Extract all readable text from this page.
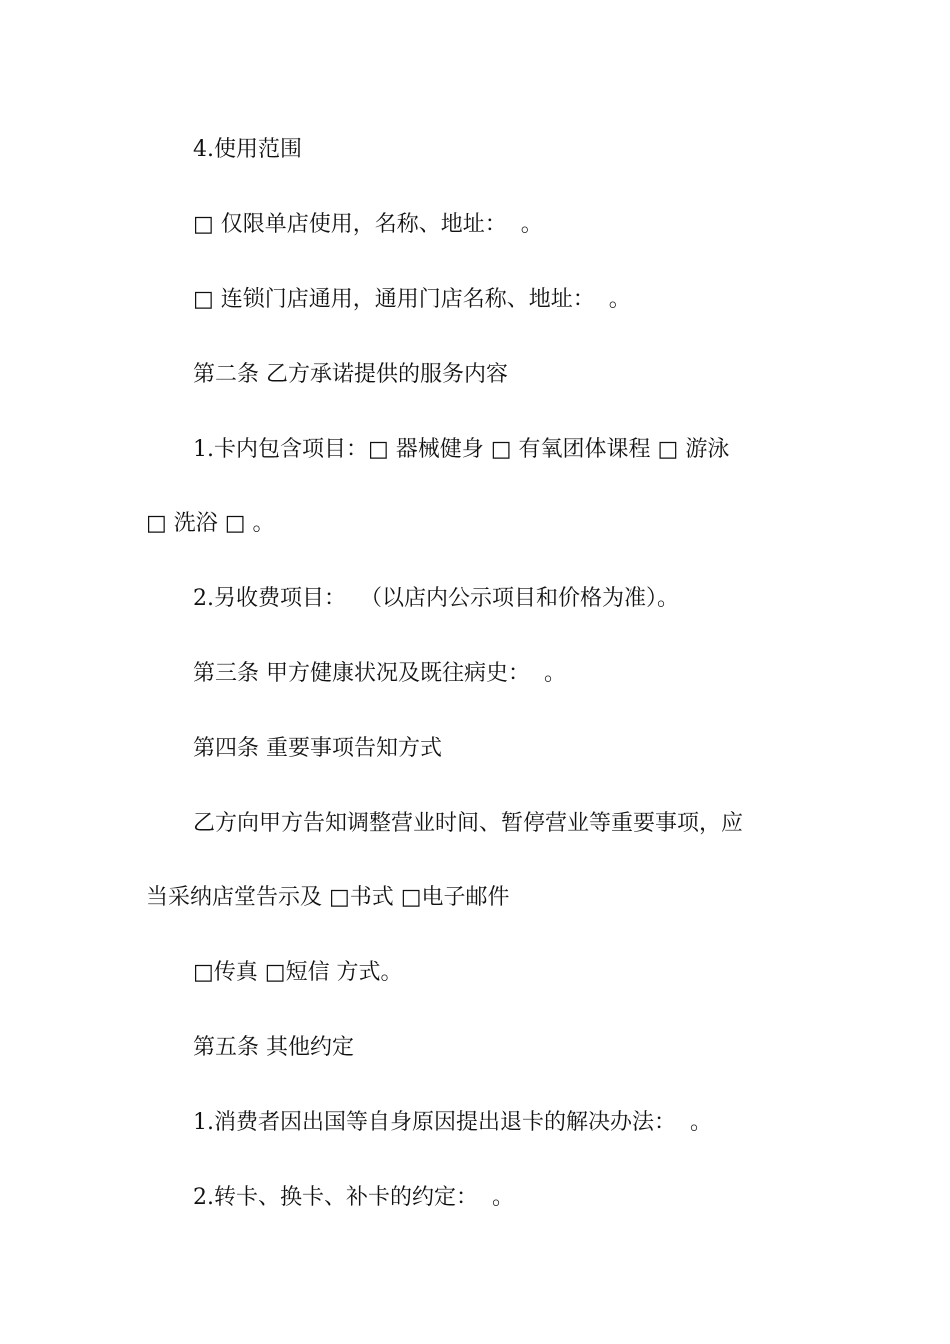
4.使用范围
□ 仅限单店使用，名称、地址：  。
□ 连锁门店通用，通用门店名称、地址：  。
第二条 乙方承诺提供的服务内容
1.卡内包含项目：□ 器械健身 □ 有氧团体课程 □ 游泳
□ 洗浴 □ 。
2.另收费项目：  （以店内公示项目和价格为准）。
第三条 甲方健康状况及既往病史：  。
第四条 重要事项告知方式
乙方向甲方告知调整营业时间、暂停营业等重要事项，应
当采纳店堂告示及 □书式 □电子邮件
□传真 □短信 方式。
第五条 其他约定
1.消费者因出国等自身原因提出退卡的解决办法：  。
2.转卡、换卡、补卡的约定：  。
